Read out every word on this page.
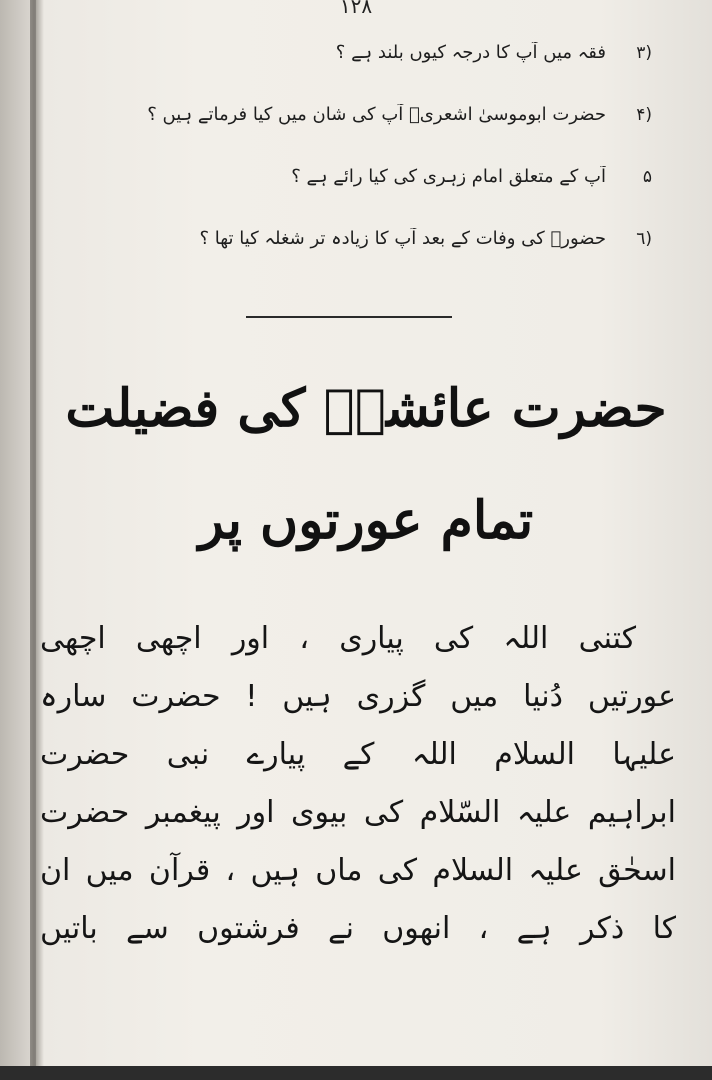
۱۲۸
(۳
فقہ میں آپ کا درجہ کیوں بلند ہے ؟
(۴
حضرت ابوموسیٰ اشعریؓ آپ کی شان میں کیا فرماتے ہیں ؟
۵
آپ کے متعلق امام زہری کی کیا رائے ہے ؟
(٦
حضورؐ کی وفات کے بعد آپ کا زیادہ تر شغلہ کیا تھا ؟
حضرت عائشہؓ کی فضیلت
تمام عورتوں پر
کتنی اللہ کی پیاری ، اور اچھی اچھی
عورتیں دُنیا میں گزری ہیں ! حضرت سارہ
علیہا السلام اللہ کے پیارے نبی حضرت
ابراہیم علیہ السّلام کی بیوی اور پیغمبر حضرت
اسحٰق علیہ السلام کی ماں ہیں ، قرآن میں ان
کا ذکر ہے ، انھوں نے فرشتوں سے باتیں
